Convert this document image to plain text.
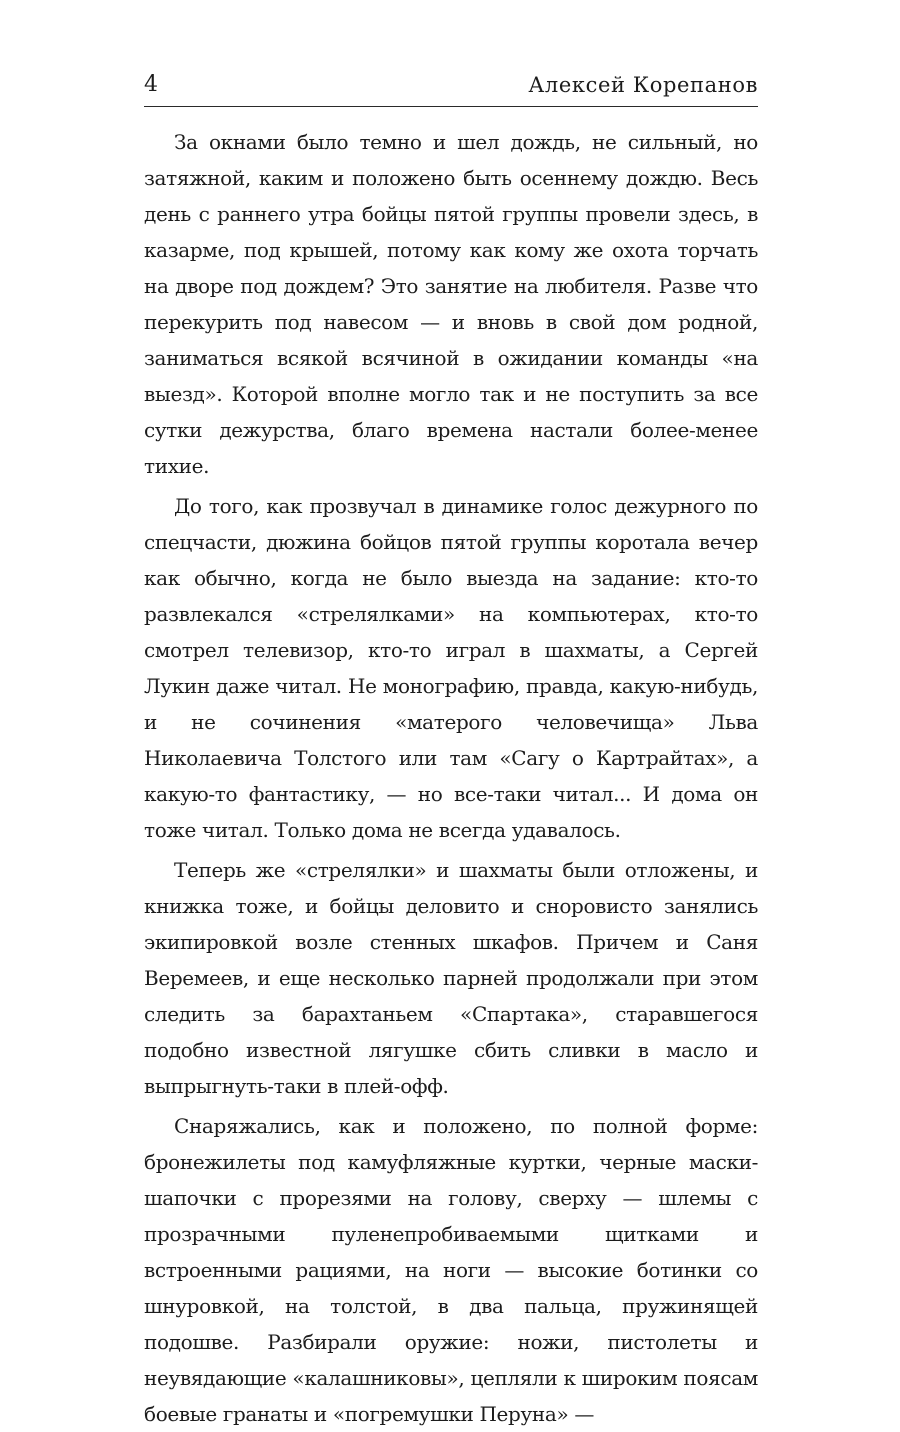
4	Алексей Корепанов

За окнами было темно и шел дождь, не сильный, но затяжной, каким и положено быть осеннему дождю. Весь день с раннего утра бойцы пятой группы провели здесь, в казарме, под крышей, потому как кому же охота торчать на дворе под дождем? Это занятие на любителя. Разве что перекурить под навесом — и вновь в свой дом родной, заниматься всякой всячиной в ожидании команды «на выезд». Которой вполне могло так и не поступить за все сутки дежурства, благо времена настали более-менее тихие.

До того, как прозвучал в динамике голос дежурного по спецчасти, дюжина бойцов пятой группы коротала вечер как обычно, когда не было выезда на задание: кто-то развлекался «стрелялками» на компьютерах, кто-то смотрел телевизор, кто-то играл в шахматы, а Сергей Лукин даже читал. Не монографию, правда, какую-нибудь, и не сочинения «матерого человечища» Льва Николаевича Толстого или там «Сагу о Картрайтах», а какую-то фантастику, — но все-таки читал... И дома он тоже читал. Только дома не всегда удавалось.

Теперь же «стрелялки» и шахматы были отложены, и книжка тоже, и бойцы деловито и сноровисто занялись экипировкой возле стенных шкафов. Причем и Саня Веремеев, и еще несколько парней продолжали при этом следить за барахтаньем «Спартака», старавшегося подобно известной лягушке сбить сливки в масло и выпрыгнуть-таки в плей-офф.

Снаряжались, как и положено, по полной форме: бронежилеты под камуфляжные куртки, черные маски-шапочки с прорезями на голову, сверху — шлемы с прозрачными пуленепробиваемыми щитками и встроенными рациями, на ноги — высокие ботинки со шнуровкой, на толстой, в два пальца, пружинящей подошве. Разбирали оружие: ножи, пистолеты и неувядающие «калашниковы», цепляли к широким поясам боевые гранаты и «погремушки Перуна» —
